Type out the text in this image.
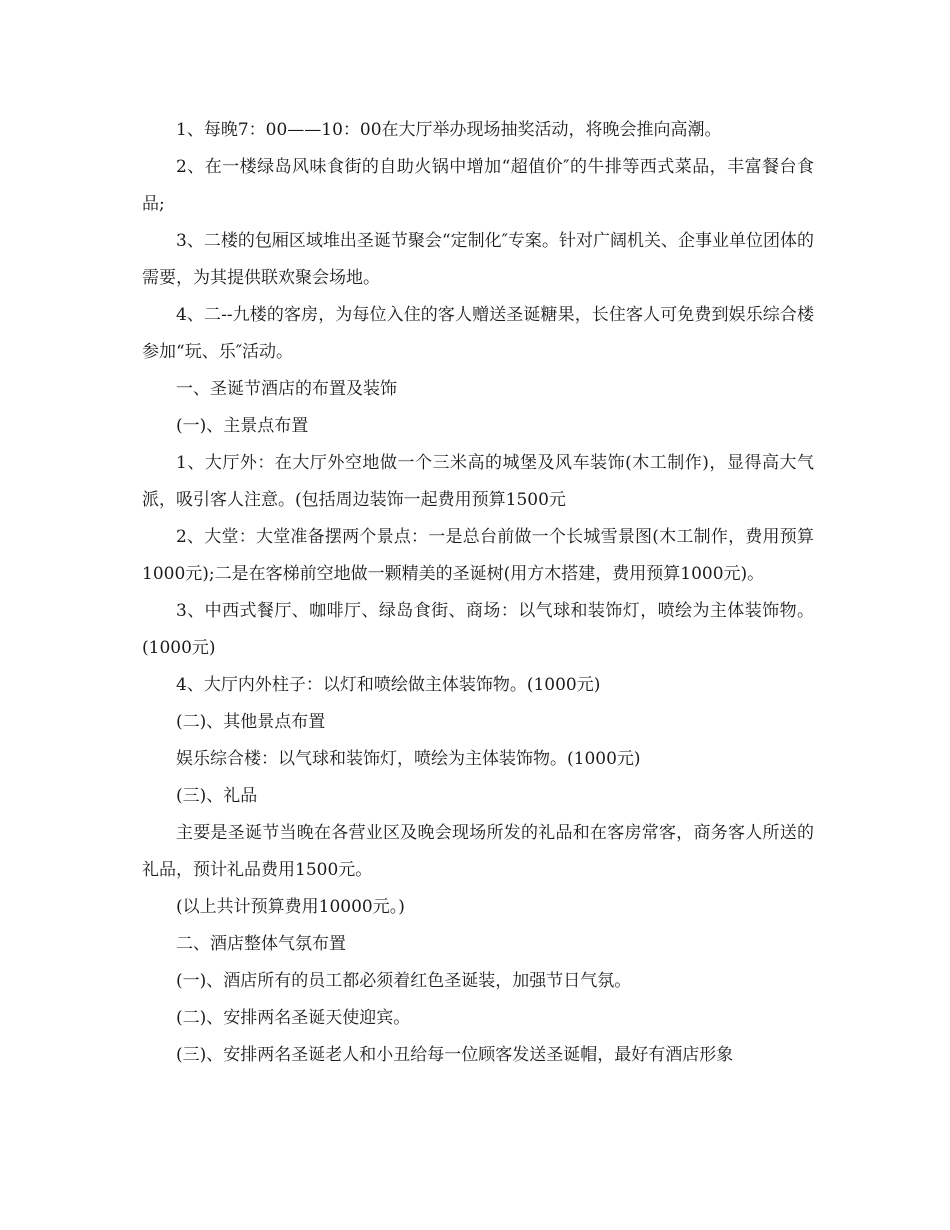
1、每晚7：00——10：00在大厅举办现场抽奖活动，将晚会推向高潮。

2、在一楼绿岛风味食街的自助火锅中增加“超值价″的牛排等西式菜品，丰富餐台食品;

3、二楼的包厢区域堆出圣诞节聚会“定制化″专案。针对广阔机关、企事业单位团体的需要，为其提供联欢聚会场地。

4、二--九楼的客房，为每位入住的客人赠送圣诞糖果，长住客人可免费到娱乐综合楼参加“玩、乐″活动。

一、圣诞节酒店的布置及装饰

(一)、主景点布置

1、大厅外：在大厅外空地做一个三米高的城堡及风车装饰(木工制作)，显得高大气派，吸引客人注意。(包括周边装饰一起费用预算1500元

2、大堂：大堂准备摆两个景点：一是总台前做一个长城雪景图(木工制作，费用预算1000元);二是在客梯前空地做一颗精美的圣诞树(用方木搭建，费用预算1000元)。

3、中西式餐厅、咖啡厅、绿岛食街、商场：以气球和装饰灯，喷绘为主体装饰物。(1000元)

4、大厅内外柱子：以灯和喷绘做主体装饰物。(1000元)

(二)、其他景点布置

娱乐综合楼：以气球和装饰灯，喷绘为主体装饰物。(1000元)

(三)、礼品

主要是圣诞节当晚在各营业区及晚会现场所发的礼品和在客房常客，商务客人所送的礼品，预计礼品费用1500元。

(以上共计预算费用10000元。)

二、酒店整体气氛布置

(一)、酒店所有的员工都必须着红色圣诞装，加强节日气氛。

(二)、安排两名圣诞天使迎宾。

(三)、安排两名圣诞老人和小丑给每一位顾客发送圣诞帽，最好有酒店形象
